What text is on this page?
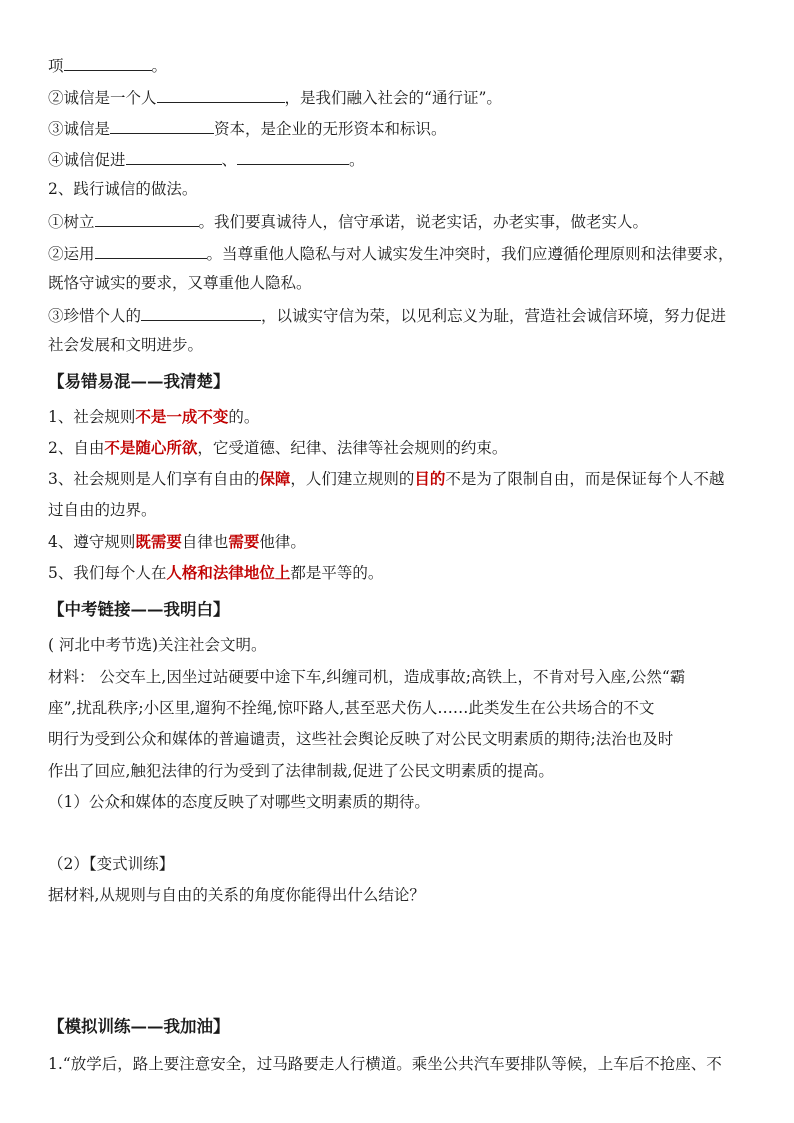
项	。
②诚信是一个人	，是我们融入社会的“通行证”。
③诚信是	资本，是企业的无形资本和标识。
④诚信促进	、	。
2、践行诚信的做法。
①树立	。我们要真诚待人，信守承诺，说老实话，办老实事，做老实人。
②运用	。当尊重他人隐私与对人诚实发生冲突时，我们应遵循伦理原则和法律要求，
既恪守诚实的要求，又尊重他人隐私。
③珍惜个人的	，以诚实守信为荣，以见利忘义为耻，营造社会诚信环境，努力促进
社会发展和文明进步。
【易错易混——我清楚】
1、社会规则不是一成不变的。
2、自由不是随心所欲，它受道德、纪律、法律等社会规则的约束。
3、社会规则是人们享有自由的保障，人们建立规则的目的不是为了限制自由，而是保证每个人不越
过自由的边界。
4、遵守规则既需要自律也需要他律。
5、我们每个人在人格和法律地位上都是平等的。
【中考链接——我明白】
( 河北中考节选)关注社会文明。
材料： 公交车上,因坐过站硬要中途下车,纠缠司机，造成事故;高铁上，不肯对号入座,公然“霸
座”,扰乱秩序;小区里,遛狗不拴绳,惊吓路人,甚至恶犬伤人……此类发生在公共场合的不文
明行为受到公众和媒体的普遍谴责，这些社会舆论反映了对公民文明素质的期待;法治也及时
作出了回应,触犯法律的行为受到了法律制裁,促进了公民文明素质的提高。
（1）公众和媒体的态度反映了对哪些文明素质的期待。
（2）【变式训练】
据材料,从规则与自由的关系的角度你能得出什么结论？
【模拟训练——我加油】
1.“放学后，路上要注意安全，过马路要走人行横道。乘坐公共汽车要排队等候，上车后不抢座、不
